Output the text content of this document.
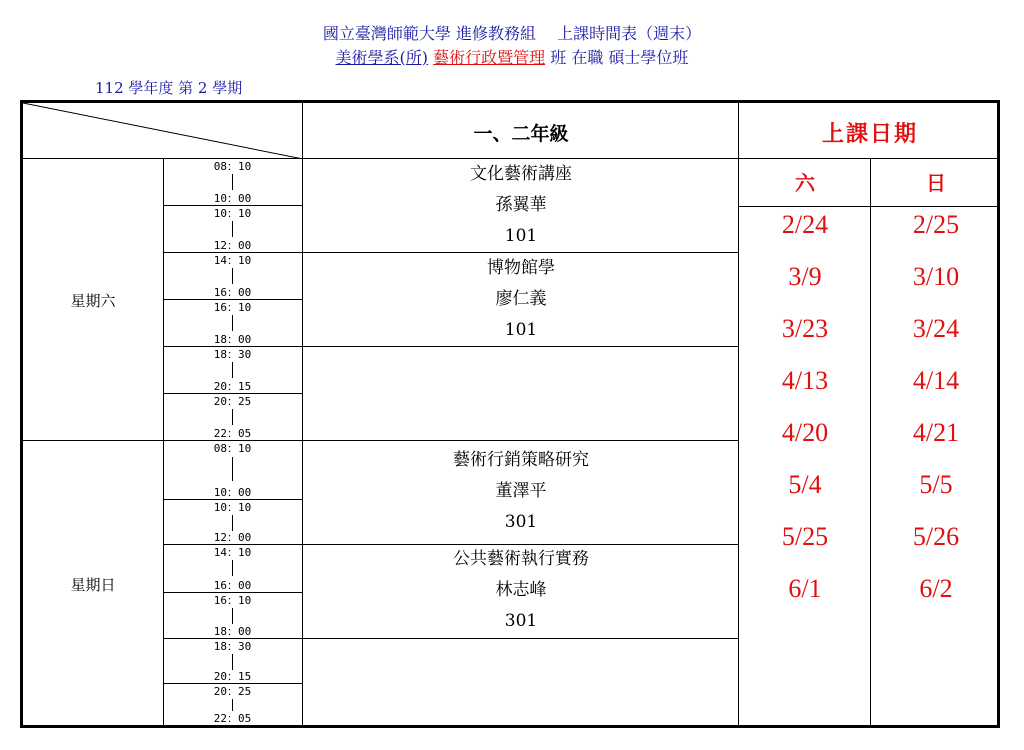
國立臺灣師範大學 進修教務組　 上課時間表（週末）
美術學系(所) 藝術行政暨管理 班 在職 碩士學位班
112 學年度 第 2 學期
一、二年級	上課日期
六	日
星期六
星期日
08：10
10：00
10：10
12：00
14：10
16：00
16：10
18：00
18：30
20：15
20：25
22：05
08：10
10：00
10：10
12：00
14：10
16：00
16：10
18：00
18：30
20：15
20：25
22：05
文化藝術講座
孫翼華
101
博物館學
廖仁義
101
藝術行銷策略研究
董澤平
301
公共藝術執行實務
林志峰
301
2/24
3/9
3/23
4/13
4/20
5/4
5/25
6/1
2/25
3/10
3/24
4/14
4/21
5/5
5/26
6/2
